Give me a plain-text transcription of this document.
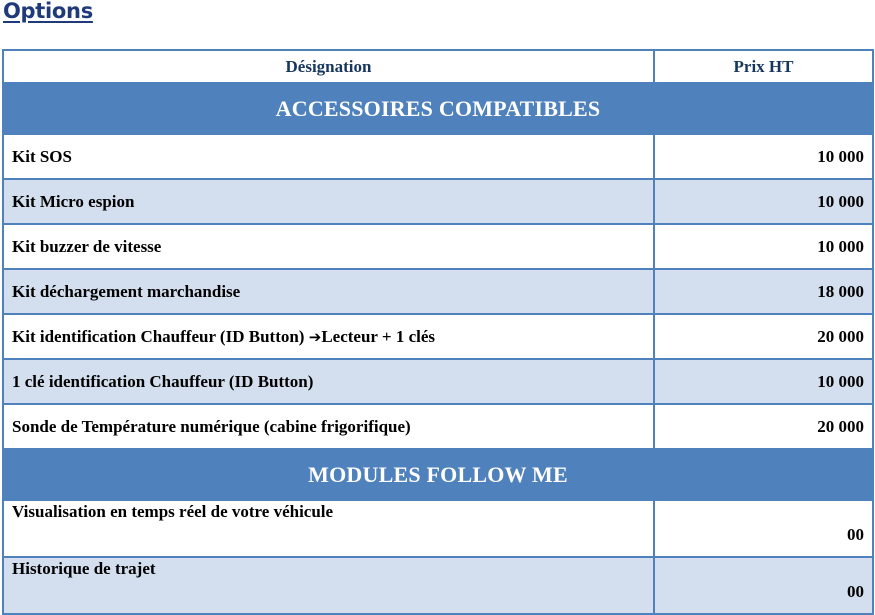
Options
Désignation	Prix HT
ACCESSOIRES COMPATIBLES	
Kit SOS	10 000
Kit Micro espion	10 000
Kit buzzer de vitesse	10 000
Kit déchargement marchandise	18 000
Kit identification Chauffeur (ID Button) ➔Lecteur + 1 clés	20 000
1 clé identification Chauffeur (ID Button)	10 000
Sonde de Température numérique (cabine frigorifique)	20 000
MODULES FOLLOW ME	
Visualisation en temps réel de votre véhicule	00
Historique de trajet	00
